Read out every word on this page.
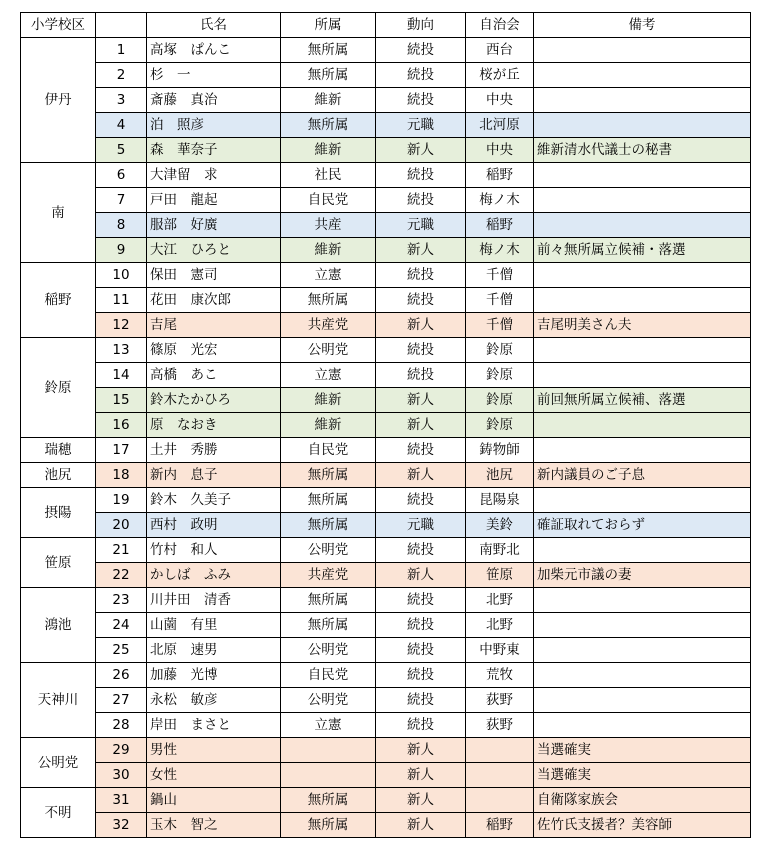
小学校区		氏名	所属	動向	自治会	備考
伊丹	1	高塚　ぱんこ	無所属	続投	西台	
	2	杉　一	無所属	続投	桜が丘	
	3	斎藤　真治	維新	続投	中央	
	4	泊　照彦	無所属	元職	北河原	
	5	森　華奈子	維新	新人	中央	維新清水代議士の秘書
南	6	大津留　求	社民	続投	稲野	
	7	戸田　龍起	自民党	続投	梅ノ木	
	8	服部　好廣	共産	元職	稲野	
	9	大江　ひろと	維新	新人	梅ノ木	前々無所属立候補・落選
稲野	10	保田　憲司	立憲	続投	千僧	
	11	花田　康次郎	無所属	続投	千僧	
	12	吉尾	共産党	新人	千僧	吉尾明美さん夫
鈴原	13	篠原　光宏	公明党	続投	鈴原	
	14	高橋　あこ	立憲	続投	鈴原	
	15	鈴木たかひろ	維新	新人	鈴原	前回無所属立候補、落選
	16	原　なおき	維新	新人	鈴原	
瑞穂	17	土井　秀勝	自民党	続投	鋳物師	
池尻	18	新内　息子	無所属	新人	池尻	新内議員のご子息
摂陽	19	鈴木　久美子	無所属	続投	昆陽泉	
	20	西村　政明	無所属	元職	美鈴	確証取れておらず
笹原	21	竹村　和人	公明党	続投	南野北	
	22	かしば　ふみ	共産党	新人	笹原	加柴元市議の妻
鴻池	23	川井田　清香	無所属	続投	北野	
	24	山薗　有里	無所属	続投	北野	
	25	北原　速男	公明党	続投	中野東	
天神川	26	加藤　光博	自民党	続投	荒牧	
	27	永松　敏彦	公明党	続投	荻野	
	28	岸田　まさと	立憲	続投	荻野	
公明党	29	男性		新人		当選確実
	30	女性		新人		当選確実
不明	31	鍋山	無所属	新人		自衛隊家族会
	32	玉木　智之	無所属	新人	稲野	佐竹氏支援者？美容師
